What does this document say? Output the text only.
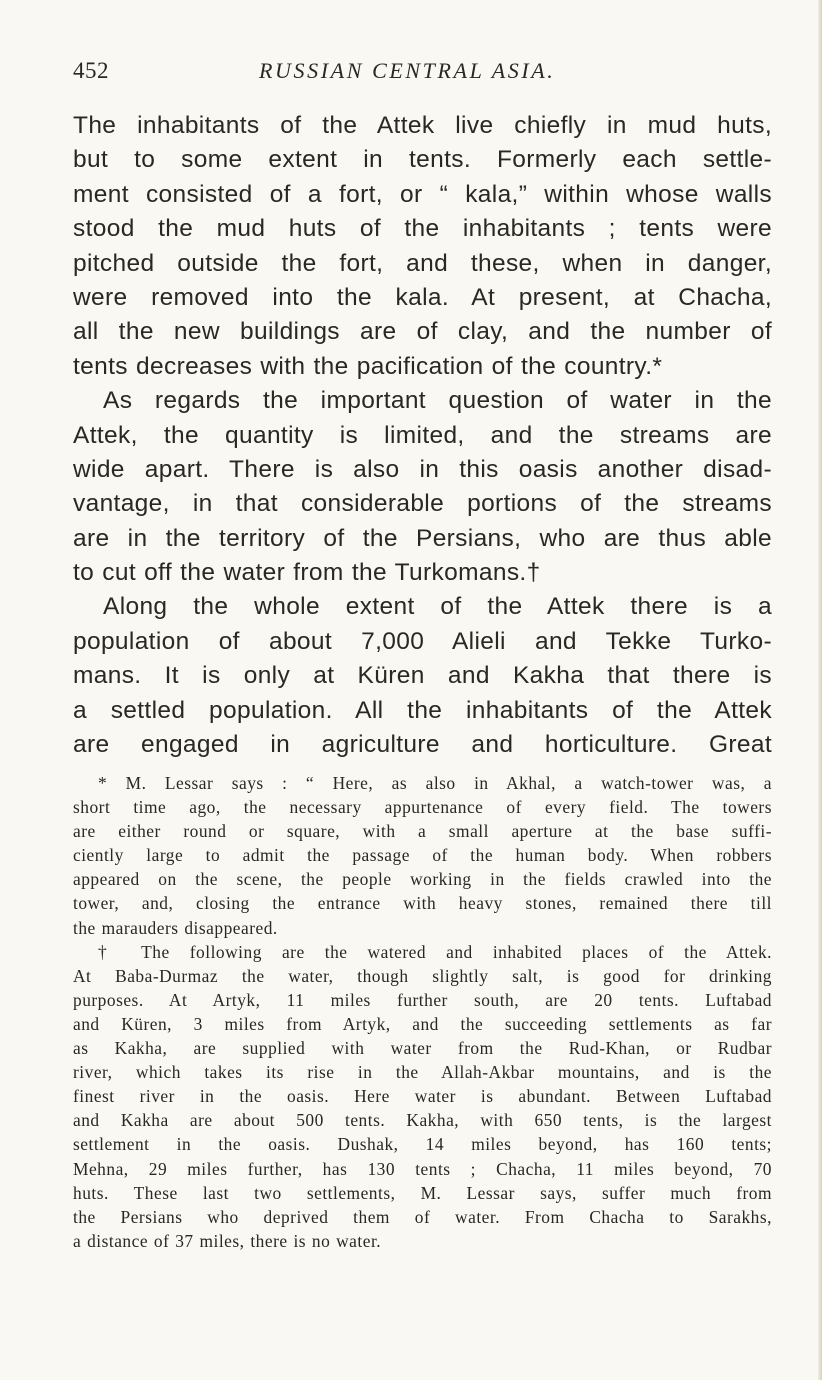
452	RUSSIAN CENTRAL ASIA.
The inhabitants of the Attek live chiefly in mud huts,
but to some extent in tents. Formerly each settle-
ment consisted of a fort, or “ kala,” within whose walls
stood the mud huts of the inhabitants ; tents were
pitched outside the fort, and these, when in danger,
were removed into the kala. At present, at Chacha,
all the new buildings are of clay, and the number of
tents decreases with the pacification of the country.*
As regards the important question of water in the
Attek, the quantity is limited, and the streams are
wide apart. There is also in this oasis another disad-
vantage, in that considerable portions of the streams
are in the territory of the Persians, who are thus able
to cut off the water from the Turkomans.†
Along the whole extent of the Attek there is a
population of about 7,000 Alieli and Tekke Turko-
mans. It is only at Küren and Kakha that there is
a settled population. All the inhabitants of the Attek
are engaged in agriculture and horticulture. Great
* M. Lessar says : “ Here, as also in Akhal, a watch-tower was, a
short time ago, the necessary appurtenance of every field. The towers
are either round or square, with a small aperture at the base suffi-
ciently large to admit the passage of the human body. When robbers
appeared on the scene, the people working in the fields crawled into the
tower, and, closing the entrance with heavy stones, remained there till
the marauders disappeared.
† The following are the watered and inhabited places of the Attek.
At Baba-Durmaz the water, though slightly salt, is good for drinking
purposes. At Artyk, 11 miles further south, are 20 tents. Luftabad
and Küren, 3 miles from Artyk, and the succeeding settlements as far
as Kakha, are supplied with water from the Rud-Khan, or Rudbar
river, which takes its rise in the Allah-Akbar mountains, and is the
finest river in the oasis. Here water is abundant. Between Luftabad
and Kakha are about 500 tents. Kakha, with 650 tents, is the largest
settlement in the oasis. Dushak, 14 miles beyond, has 160 tents;
Mehna, 29 miles further, has 130 tents ; Chacha, 11 miles beyond, 70
huts. These last two settlements, M. Lessar says, suffer much from
the Persians who deprived them of water. From Chacha to Sarakhs,
a distance of 37 miles, there is no water.
